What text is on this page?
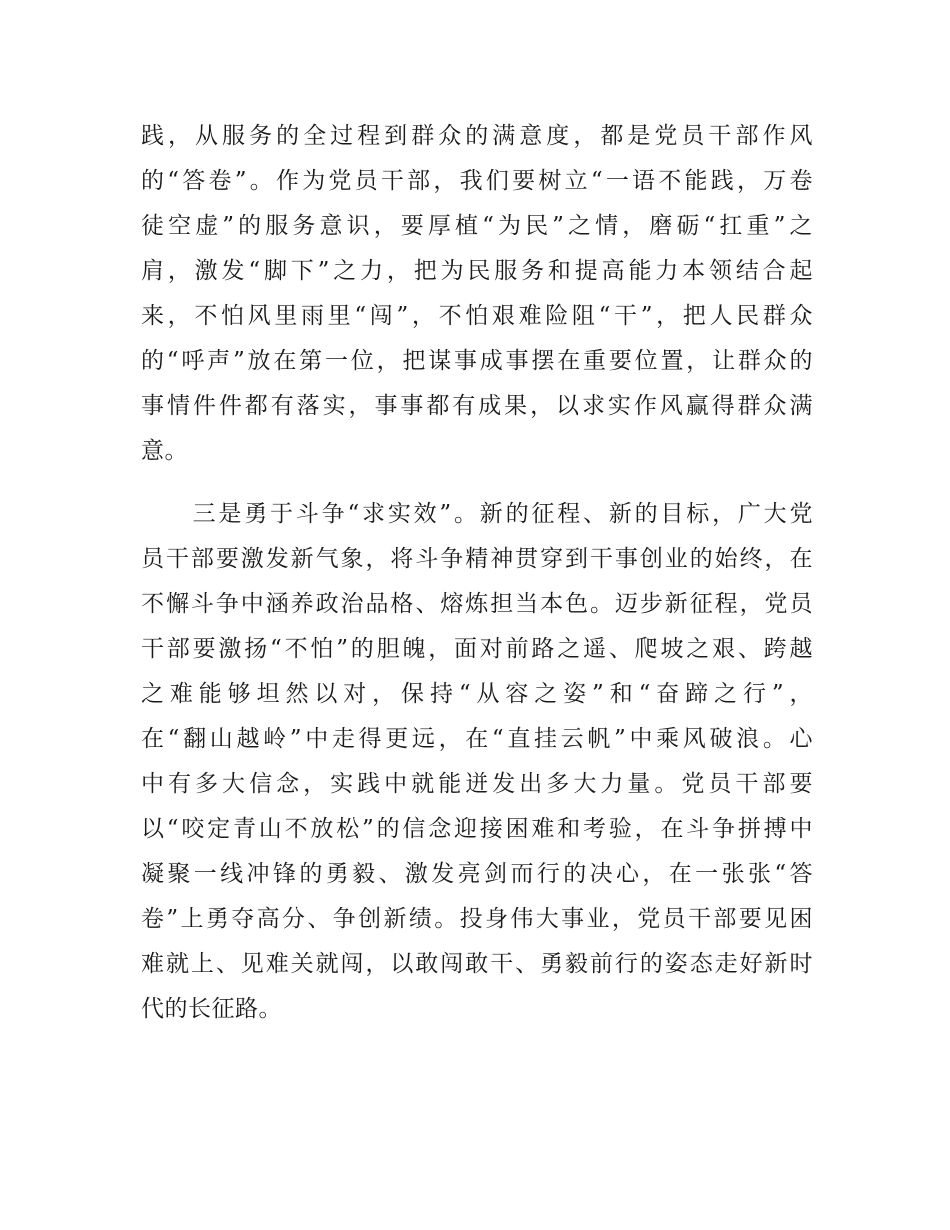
践，从服务的全过程到群众的满意度，都是党员干部作风
的“答卷”。作为党员干部，我们要树立“一语不能践，万卷
徒空虚”的服务意识，要厚植“为民”之情，磨砺“扛重”之
肩，激发“脚下”之力，把为民服务和提高能力本领结合起
来，不怕风里雨里“闯”，不怕艰难险阻“干”，把人民群众
的“呼声”放在第一位，把谋事成事摆在重要位置，让群众的
事情件件都有落实，事事都有成果，以求实作风赢得群众满
意。
　　三是勇于斗争“求实效”。新的征程、新的目标，广大党
员干部要激发新气象，将斗争精神贯穿到干事创业的始终，在
不懈斗争中涵养政治品格、熔炼担当本色。迈步新征程，党员
干部要激扬“不怕”的胆魄，面对前路之遥、爬坡之艰、跨越
之难能够坦然以对，保持“从容之姿”和“奋蹄之行”，
在“翻山越岭”中走得更远，在“直挂云帆”中乘风破浪。心
中有多大信念，实践中就能迸发出多大力量。党员干部要
以“咬定青山不放松”的信念迎接困难和考验，在斗争拼搏中
凝聚一线冲锋的勇毅、激发亮剑而行的决心，在一张张“答
卷”上勇夺高分、争创新绩。投身伟大事业，党员干部要见困
难就上、见难关就闯，以敢闯敢干、勇毅前行的姿态走好新时
代的长征路。
